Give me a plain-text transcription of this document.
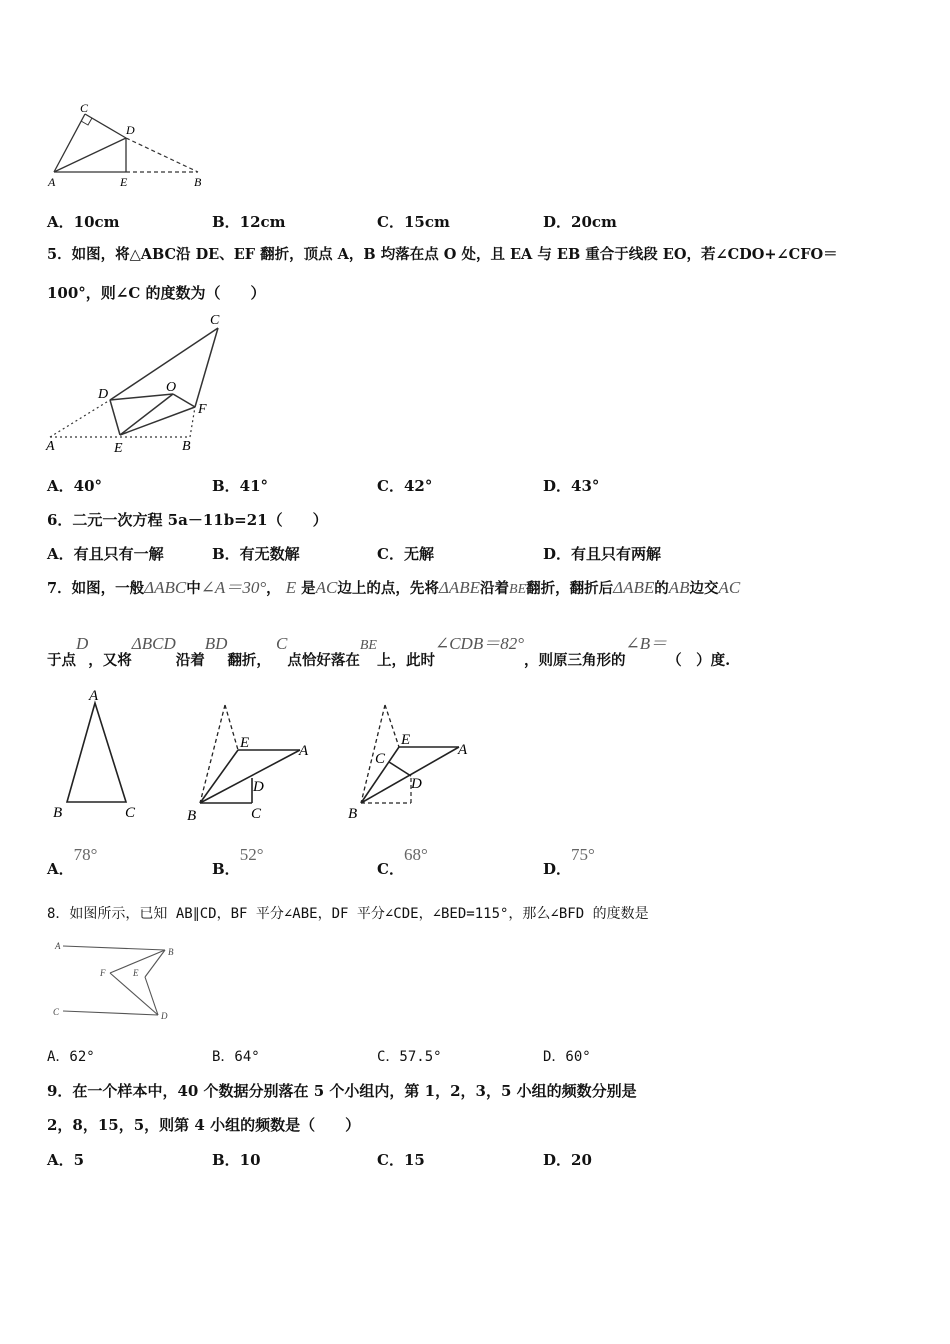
C
D
A	E	B
A．10cm	B．12cm	C．15cm	D．20cm
5．如图，将△ABC沿 DE、EF 翻折，顶点 A，B 均落在点 O 处，且 EA 与 EB 重合于线段 EO，若∠CDO+∠CFO＝
100°，则∠C 的度数为（　　）
C
D	O
F
A	E	B
A．40°	B．41°	C．42°	D．43°
6．二元一次方程 5a－11b=21（　　）
A．有且只有一解	B．有无数解	C．无解	D．有且只有两解
7．如图，一般ΔABC中∠A＝30°， E 是AC边上的点，先将ΔABE沿着BE翻折，翻折后ΔABE的AB边交AC
于点D，又将ΔBCD沿着BD翻折， C点恰好落在BE上，此时∠CDB＝82°，则原三角形的∠B＝（　）度.
A
B	C
E	A
D
B	C
C
E
A
D
B
A．78°
B．52°
C．68°
D．75°
8．如图所示，已知 AB∥CD，BF 平分∠ABE，DF 平分∠CDE，∠BED=115°，那么∠BFD 的度数是
A
B
F	E
C	D
A．62°	B．64°	C．57.5°	D．60°
9．在一个样本中，40 个数据分别落在 5 个小组内，第 1，2，3，5 小组的频数分别是
2，8，15，5，则第 4 小组的频数是（　　）
A．5	B．10	C．15	D．20
